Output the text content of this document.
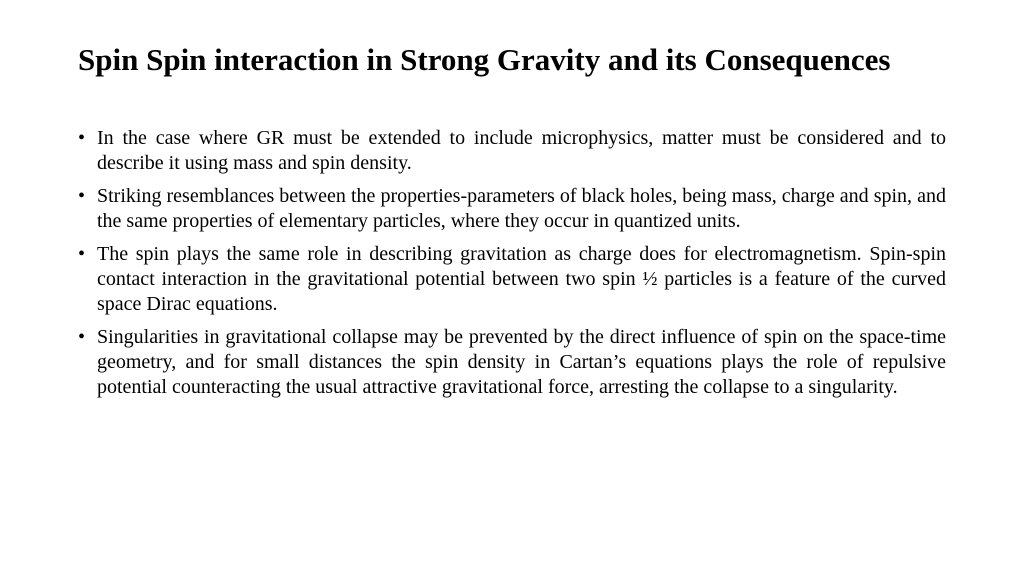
Spin Spin interaction in Strong Gravity and its Consequences
• In the case where GR must be extended to include microphysics, matter must be considered and to describe it using mass and spin density.
• Striking resemblances between the properties-parameters of black holes, being mass, charge and spin, and the same properties of elementary particles, where they occur in quantized units.
• The spin plays the same role in describing gravitation as charge does for electromagnetism. Spin-spin contact interaction in the gravitational potential between two spin ½ particles is a feature of the curved space Dirac equations.
• Singularities in gravitational collapse may be prevented by the direct influence of spin on the space-time geometry, and for small distances the spin density in Cartan’s equations plays the role of repulsive potential counteracting the usual attractive gravitational force, arresting the collapse to a singularity.
